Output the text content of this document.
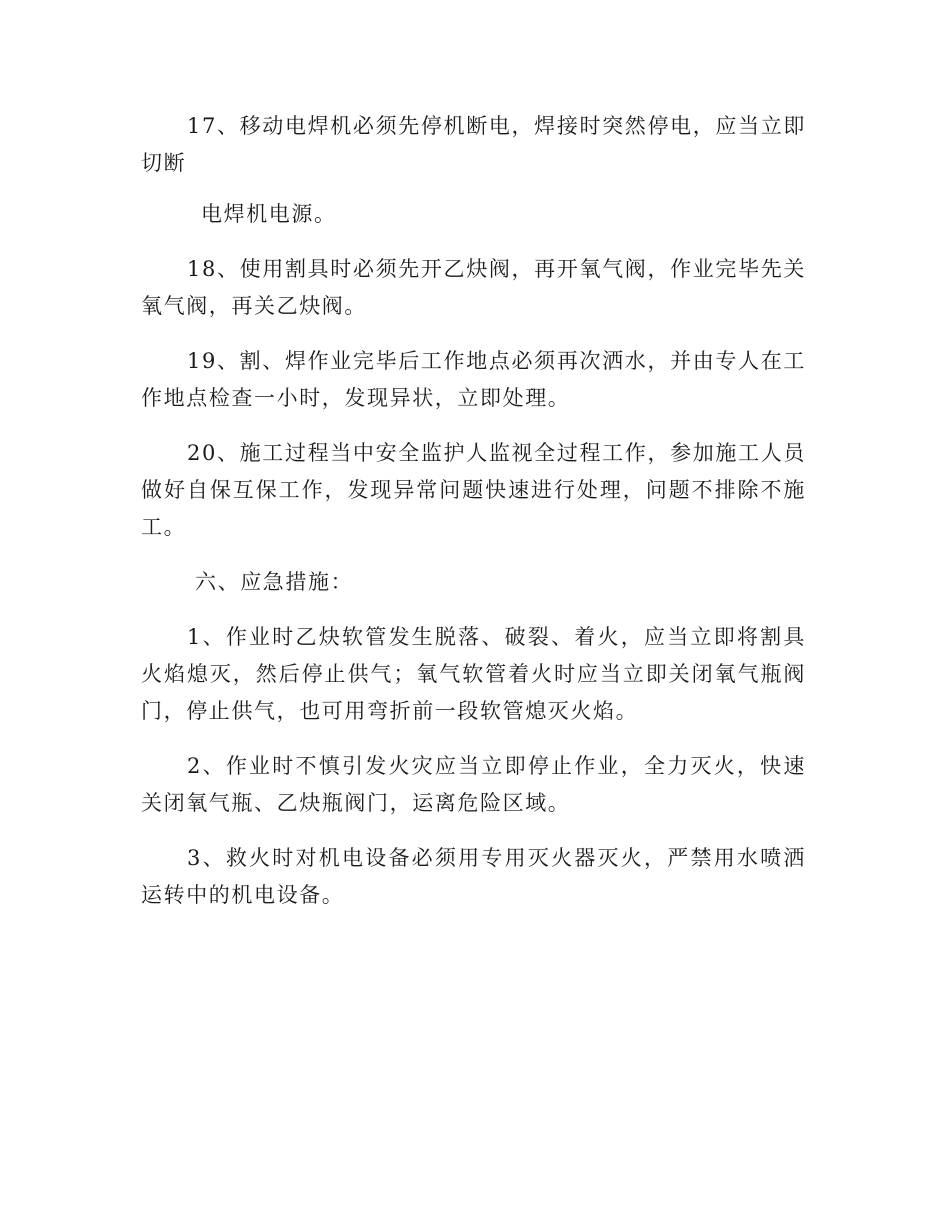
17、移动电焊机必须先停机断电，焊接时突然停电，应当立即切断

电焊机电源。

18、使用割具时必须先开乙炔阀，再开氧气阀，作业完毕先关氧气阀，再关乙炔阀。

19、割、焊作业完毕后工作地点必须再次洒水，并由专人在工作地点检查一小时，发现异状，立即处理。

20、施工过程当中安全监护人监视全过程工作，参加施工人员做好自保互保工作，发现异常问题快速进行处理，问题不排除不施工。

六、应急措施：

1、作业时乙炔软管发生脱落、破裂、着火，应当立即将割具火焰熄灭，然后停止供气；氧气软管着火时应当立即关闭氧气瓶阀门，停止供气，也可用弯折前一段软管熄灭火焰。

2、作业时不慎引发火灾应当立即停止作业，全力灭火，快速关闭氧气瓶、乙炔瓶阀门，运离危险区域。

3、救火时对机电设备必须用专用灭火器灭火，严禁用水喷洒运转中的机电设备。
